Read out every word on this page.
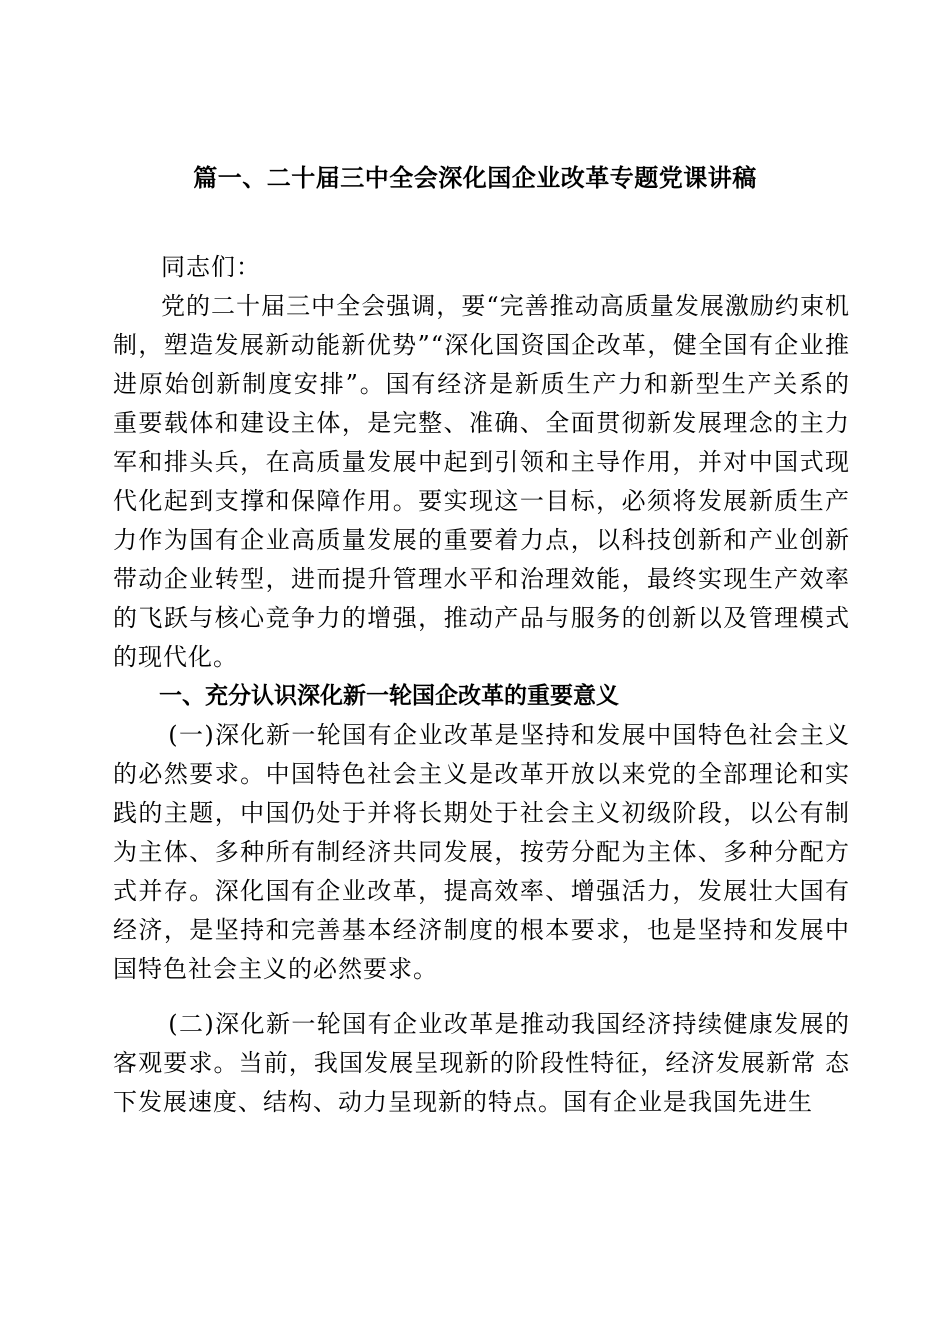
篇一、二十届三中全会深化国企业改革专题党课讲稿

同志们：

党的二十届三中全会强调，要“完善推动高质量发展激励约束机制，塑造发展新动能新优势”“深化国资国企改革，健全国有企业推进原始创新制度安排”。国有经济是新质生产力和新型生产关系的重要载体和建设主体，是完整、准确、全面贯彻新发展理念的主力军和排头兵，在高质量发展中起到引领和主导作用，并对中国式现代化起到支撑和保障作用。要实现这一目标，必须将发展新质生产力作为国有企业高质量发展的重要着力点，以科技创新和产业创新带动企业转型，进而提升管理水平和治理效能，最终实现生产效率的飞跃与核心竞争力的增强，推动产品与服务的创新以及管理模式的现代化。

一、充分认识深化新一轮国企改革的重要意义

(一)深化新一轮国有企业改革是坚持和发展中国特色社会主义的必然要求。中国特色社会主义是改革开放以来党的全部理论和实践的主题，中国仍处于并将长期处于社会主义初级阶段，以公有制为主体、多种所有制经济共同发展，按劳分配为主体、多种分配方式并存。深化国有企业改革，提高效率、增强活力，发展壮大国有经济，是坚持和完善基本经济制度的根本要求，也是坚持和发展中国特色社会主义的必然要求。

(二)深化新一轮国有企业改革是推动我国经济持续健康发展的客观要求。当前，我国发展呈现新的阶段性特征，经济发展新常 态下发展速度、结构、动力呈现新的特点。国有企业是我国先进生
